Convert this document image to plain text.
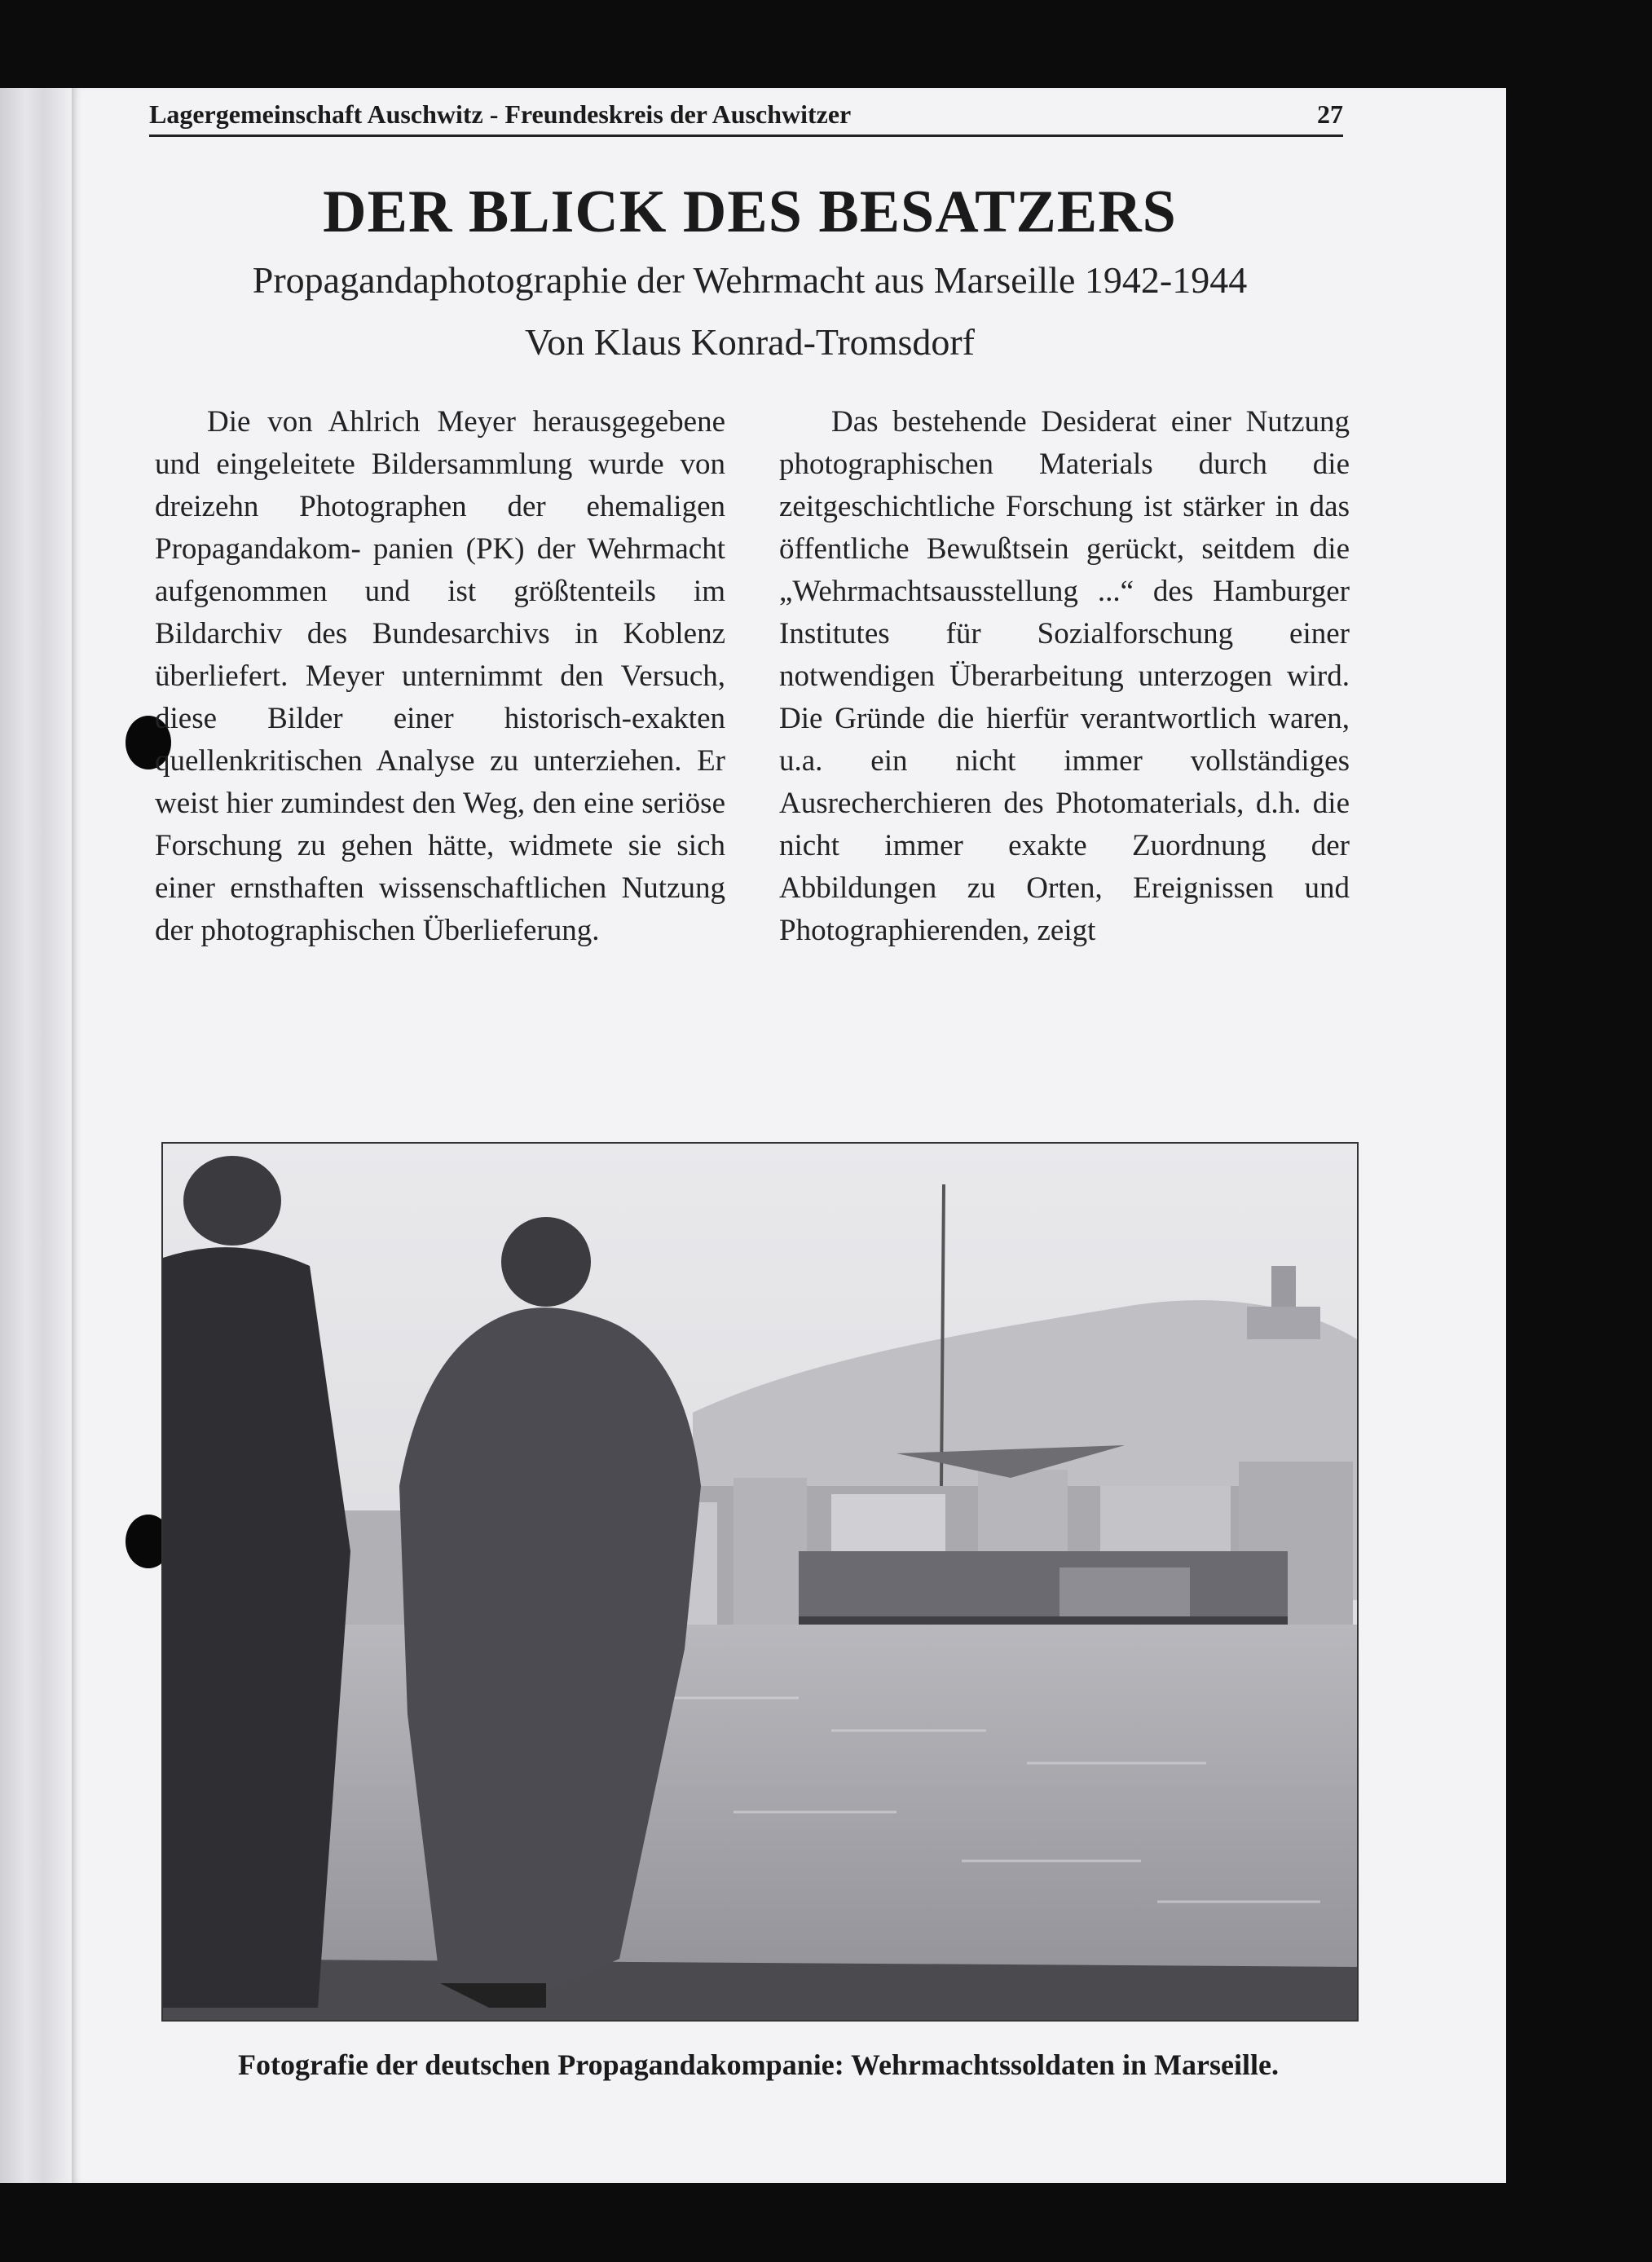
Lagergemeinschaft Auschwitz - Freundeskreis der Auschwitzer	27
DER BLICK DES BESATZERS
Propagandaphotographie der Wehrmacht aus Marseille 1942-1944
Von Klaus Konrad-Tromsdorf
Die von Ahlrich Meyer herausgegebene und eingeleitete Bildersammlung wurde von dreizehn Photographen der ehemaligen Propagandakom- panien (PK) der Wehrmacht aufgenommen und ist größtenteils im Bildarchiv des Bundesarchivs in Koblenz überliefert. Meyer unternimmt den Versuch, diese Bilder einer historisch-exakten quellenkritischen Analyse zu unterziehen. Er weist hier zumindest den Weg, den eine seriöse Forschung zu gehen hätte, widmete sie sich einer ernsthaften wissenschaftlichen Nutzung der photographischen Überlieferung.
Das bestehende Desiderat einer Nutzung photographischen Materials durch die zeitgeschichtliche Forschung ist stärker in das öffentliche Bewußtsein gerückt, seitdem die „Wehrmachtsausstellung ...“ des Hamburger Institutes für Sozialforschung einer notwendigen Überarbeitung unterzogen wird. Die Gründe die hierfür verantwortlich waren, u.a. ein nicht immer vollständiges Ausrecherchieren des Photomaterials, d.h. die nicht immer exakte Zuordnung der Abbildungen zu Orten, Ereignissen und Photographierenden, zeigt
Fotografie der deutschen Propagandakompanie: Wehrmachtssoldaten in Marseille.
